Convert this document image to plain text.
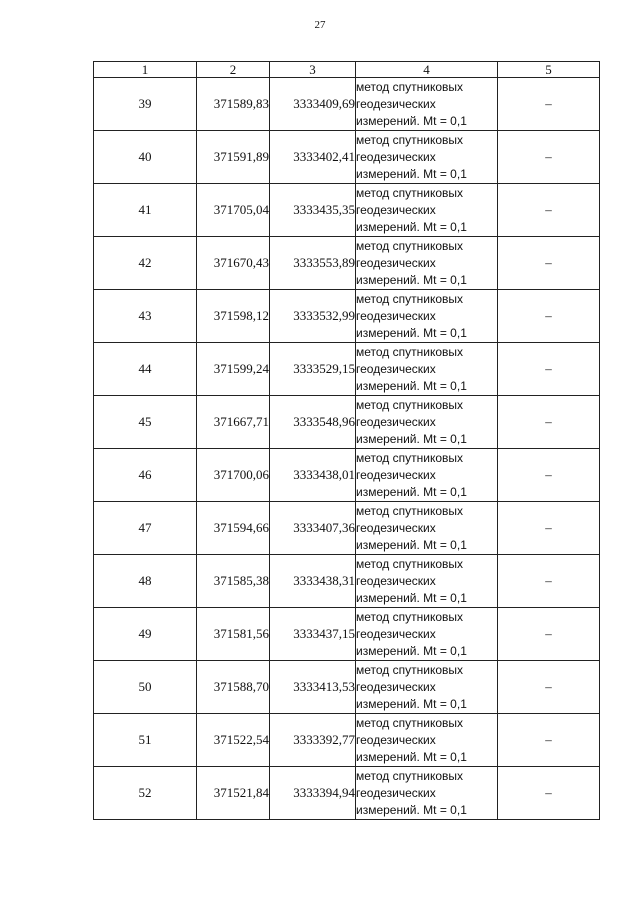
27
1	2	3	4	5
39	371589,83	3333409,69	метод спутниковых
геодезических
измерений. Mt = 0,1	–
40	371591,89	3333402,41	метод спутниковых
геодезических
измерений. Mt = 0,1	–
41	371705,04	3333435,35	метод спутниковых
геодезических
измерений. Mt = 0,1	–
42	371670,43	3333553,89	метод спутниковых
геодезических
измерений. Mt = 0,1	–
43	371598,12	3333532,99	метод спутниковых
геодезических
измерений. Mt = 0,1	–
44	371599,24	3333529,15	метод спутниковых
геодезических
измерений. Mt = 0,1	–
45	371667,71	3333548,96	метод спутниковых
геодезических
измерений. Mt = 0,1	–
46	371700,06	3333438,01	метод спутниковых
геодезических
измерений. Mt = 0,1	–
47	371594,66	3333407,36	метод спутниковых
геодезических
измерений. Mt = 0,1	–
48	371585,38	3333438,31	метод спутниковых
геодезических
измерений. Mt = 0,1	–
49	371581,56	3333437,15	метод спутниковых
геодезических
измерений. Mt = 0,1	–
50	371588,70	3333413,53	метод спутниковых
геодезических
измерений. Mt = 0,1	–
51	371522,54	3333392,77	метод спутниковых
геодезических
измерений. Mt = 0,1	–
52	371521,84	3333394,94	метод спутниковых
геодезических
измерений. Mt = 0,1	–
